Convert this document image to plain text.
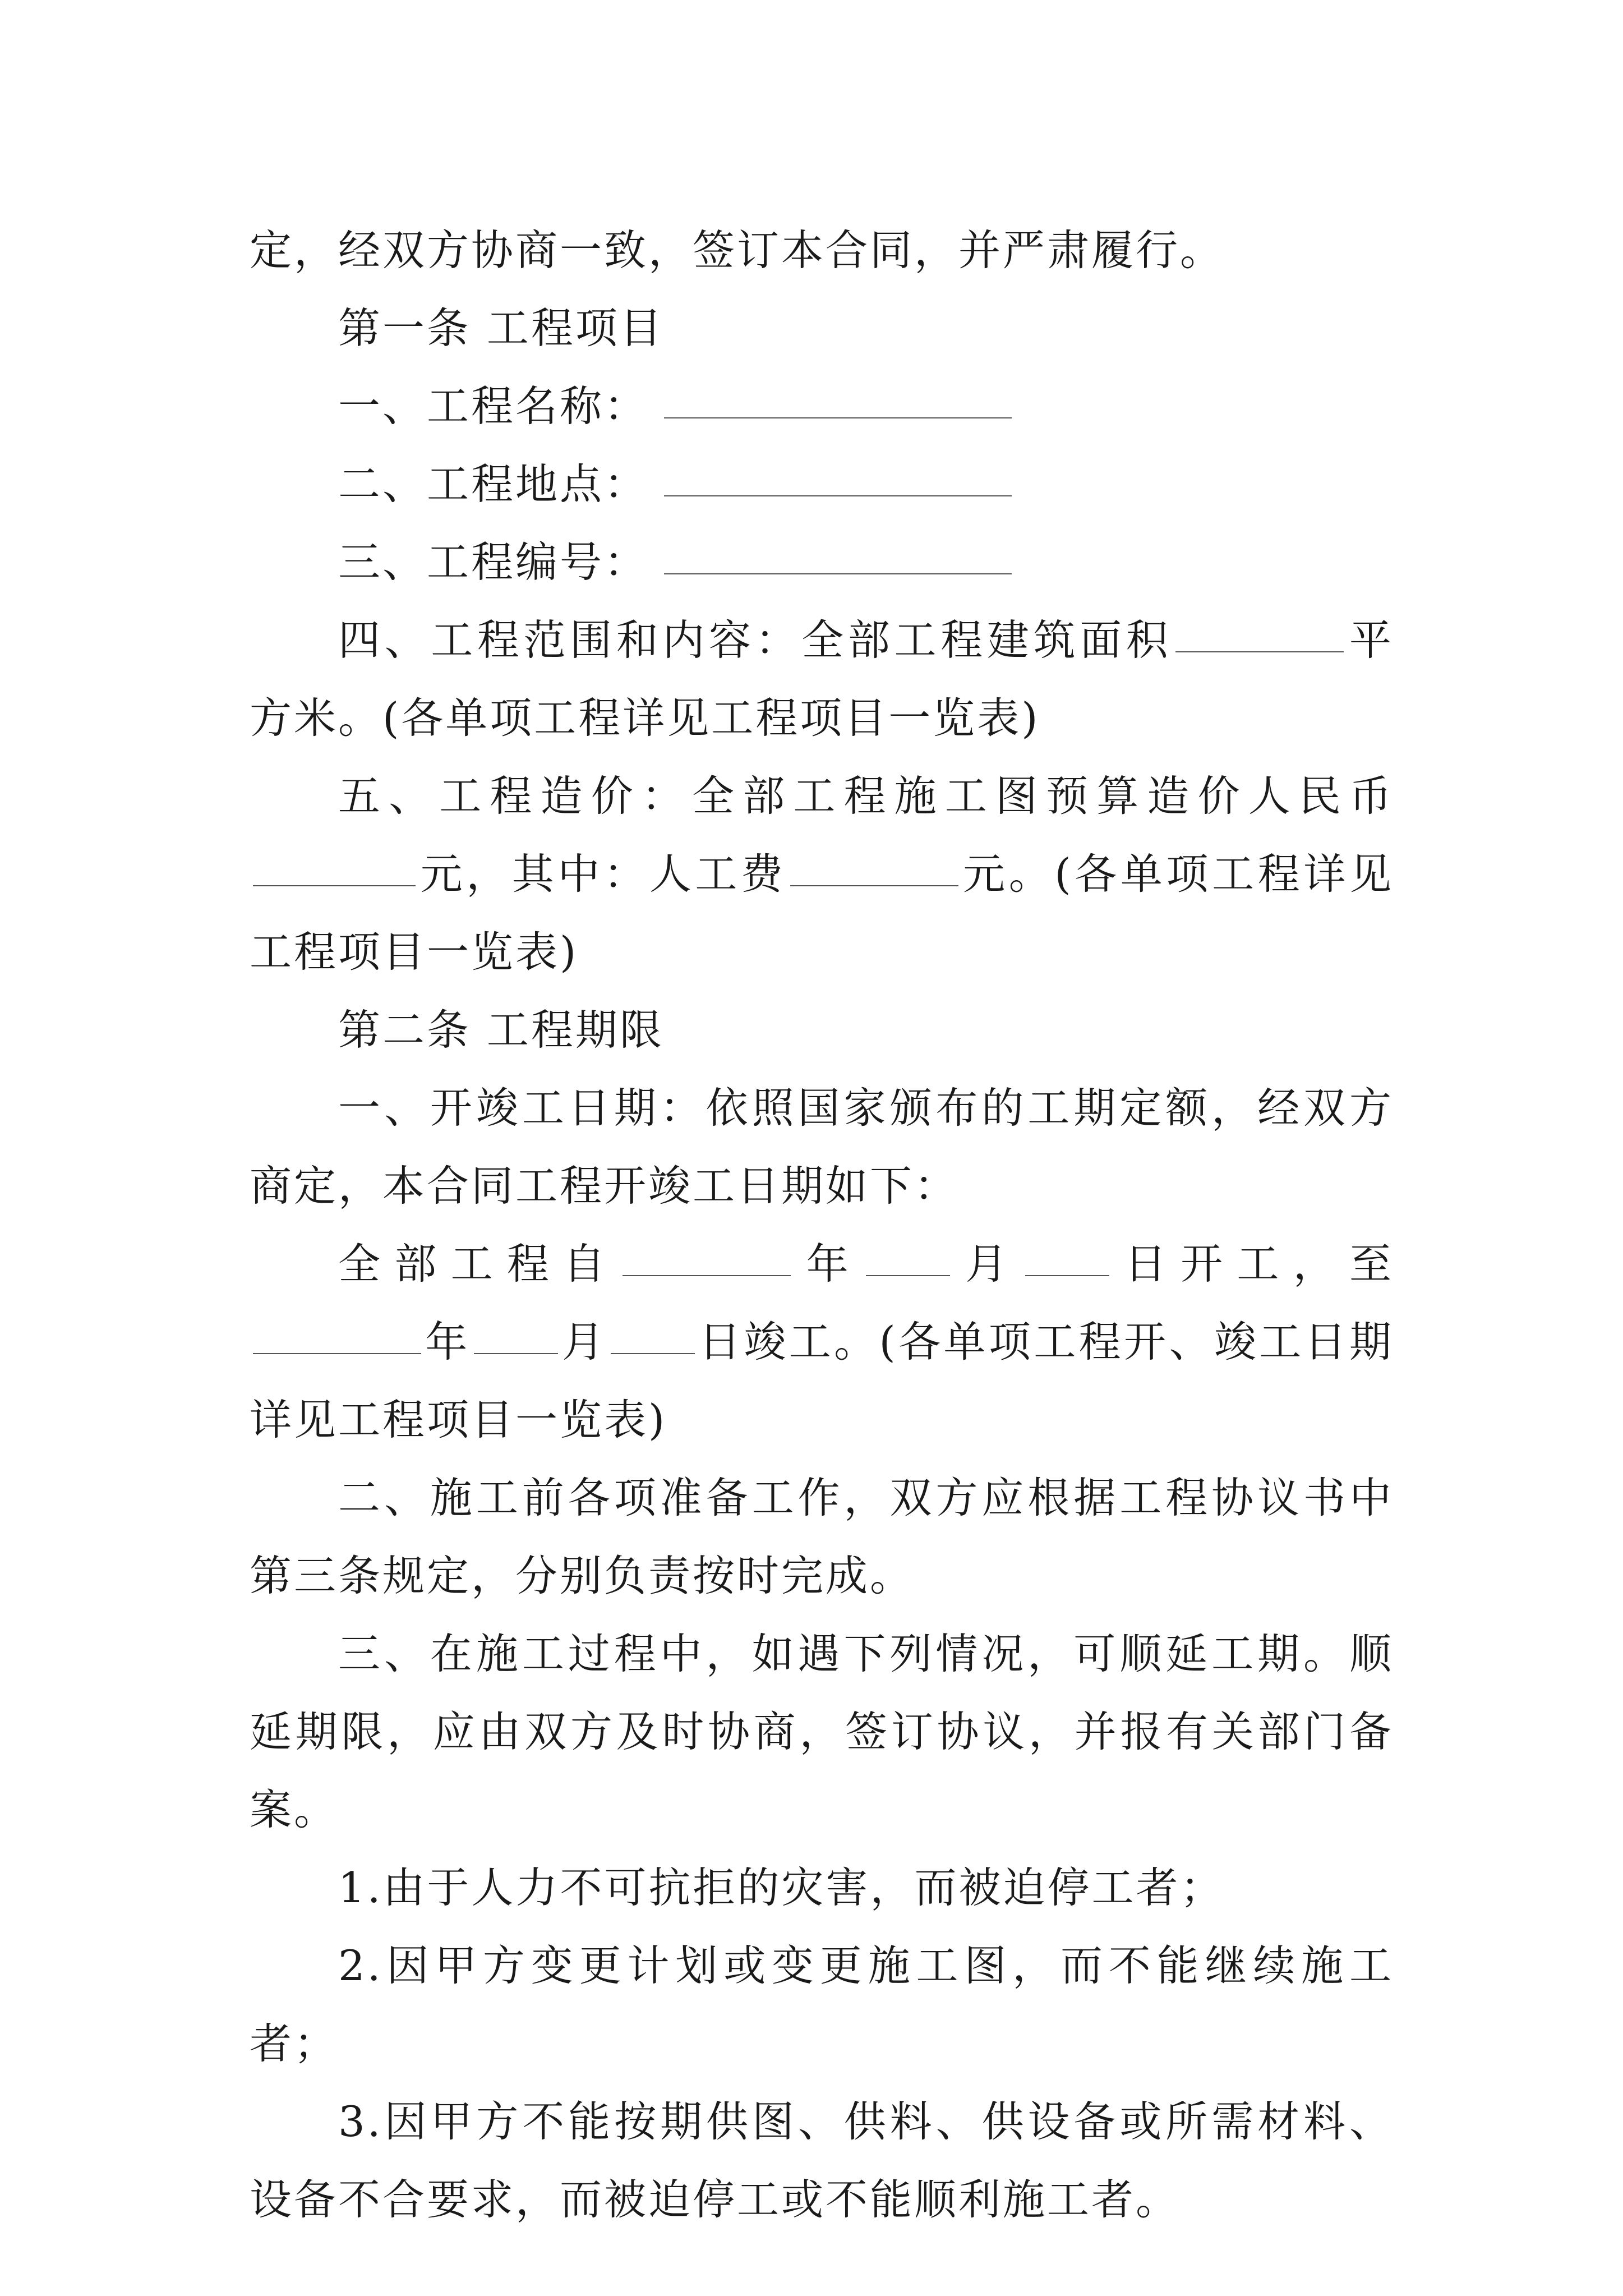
定，经双方协商一致，签订本合同，并严肃履行。

第一条 工程项目

一、工程名称：

二、工程地点：

三、工程编号：

四、工程范围和内容：全部工程建筑面积	平方米。(各单项工程详见工程项目一览表)

五、工程造价：全部工程施工图预算造价人民币元，其中：人工费	元。(各单项工程详见工程项目一览表)

第二条 工程期限

一、开竣工日期：依照国家颁布的工期定额，经双方商定，本合同工程开竣工日期如下：

全部工程自	年 月 日开工，至年 月 日竣工。(各单项工程开、竣工日期详见工程项目一览表)

二、施工前各项准备工作，双方应根据工程协议书中第三条规定，分别负责按时完成。

三、在施工过程中，如遇下列情况，可顺延工期。顺延期限，应由双方及时协商，签订协议，并报有关部门备案。

1.由于人力不可抗拒的灾害，而被迫停工者；

2.因甲方变更计划或变更施工图，而不能继续施工者；

3.因甲方不能按期供图、供料、供设备或所需材料、设备不合要求，而被迫停工或不能顺利施工者。
